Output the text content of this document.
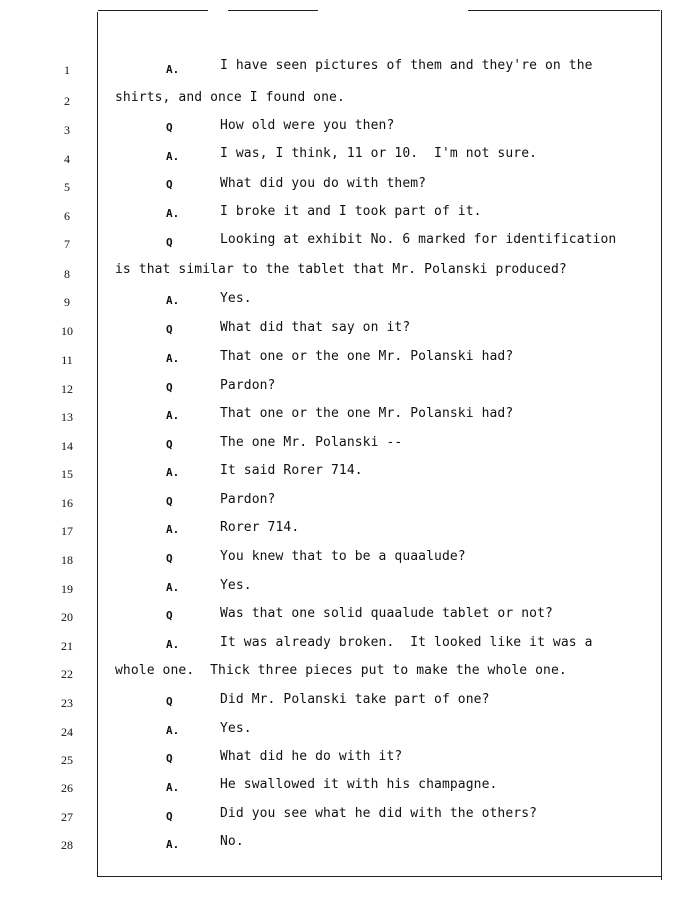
1	A.	I have seen pictures of them and they're on the
2	shirts, and once I found one.
3	Q	How old were you then?
4	A.	I was, I think, 11 or 10.  I'm not sure.
5	Q	What did you do with them?
6	A.	I broke it and I took part of it.
7	Q	Looking at exhibit No. 6 marked for identification
8	is that similar to the tablet that Mr. Polanski produced?
9	A.	Yes.
10	Q	What did that say on it?
11	A.	That one or the one Mr. Polanski had?
12	Q	Pardon?
13	A.	That one or the one Mr. Polanski had?
14	Q	The one Mr. Polanski --
15	A.	It said Rorer 714.
16	Q	Pardon?
17	A.	Rorer 714.
18	Q	You knew that to be a quaalude?
19	A.	Yes.
20	Q	Was that one solid quaalude tablet or not?
21	A.	It was already broken.  It looked like it was a
22	whole one.  Thick three pieces put to make the whole one.
23	Q	Did Mr. Polanski take part of one?
24	A.	Yes.
25	Q	What did he do with it?
26	A.	He swallowed it with his champagne.
27	Q	Did you see what he did with the others?
28	A.	No.
